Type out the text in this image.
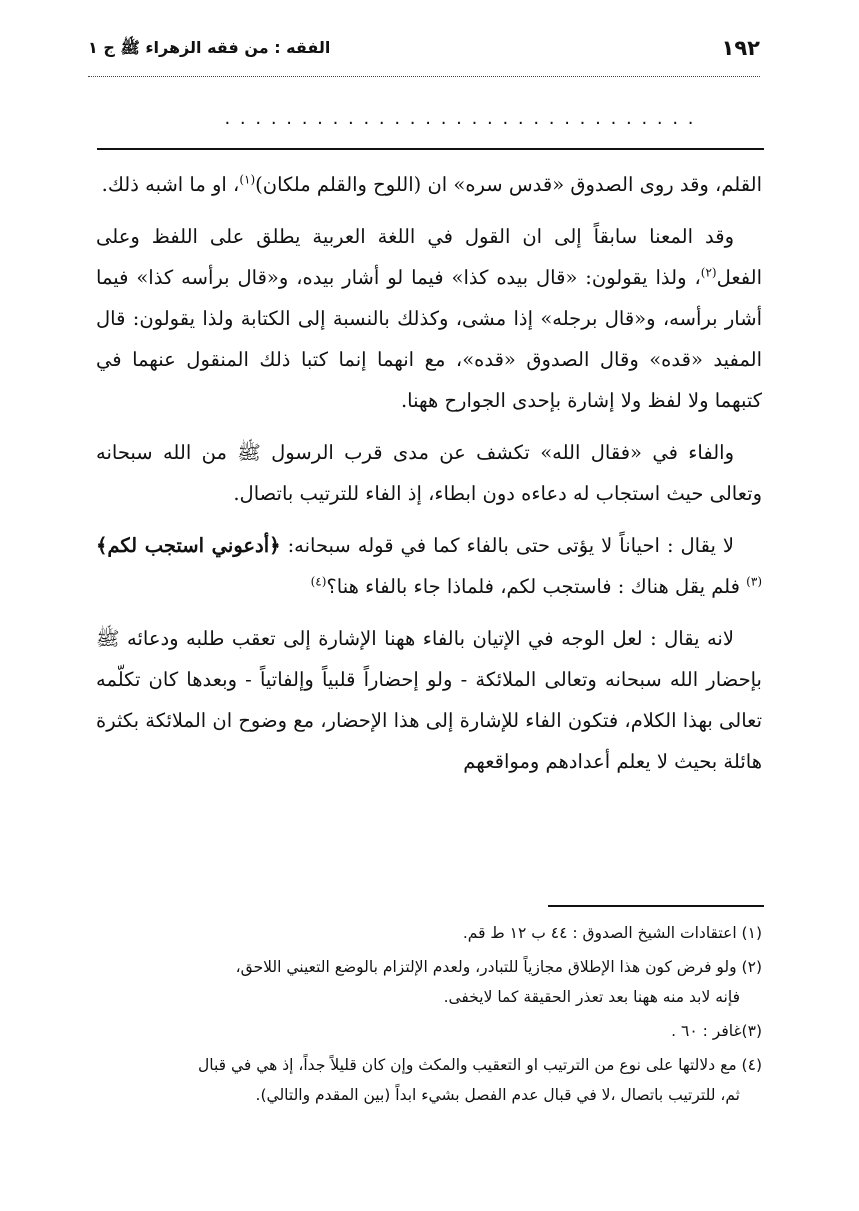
١٩٢
الفقه : من فقه الزهراء ﷺ ج ١
. . . . . . . . . . . . . . . . . . . . . . . . . . . . . . .

القلم، وقد روى الصدوق «قدس سره» ان (اللوح والقلم ملكان)$^{(١)}$، او ما اشبه ذلك.

وقد المعنا سابقاً إلى ان القول في اللغة العربية يطلق على اللفظ وعلى الفعل$^{(٢)}$، ولذا يقولون: «قال بيده كذا» فيما لو أشار بيده، و«قال برأسه كذا» فيما أشار برأسه، و«قال برجله» إذا مشى، وكذلك بالنسبة إلى الكتابة ولذا يقولون: قال المفيد «قده» وقال الصدوق «قده»، مع انهما إنما كتبا ذلك المنقول عنهما في كتبهما ولا لفظ ولا إشارة بإحدى الجوارح ههنا.

والفاء في «فقال الله» تكشف عن مدى قرب الرسول ﷺ من الله سبحانه وتعالى حيث استجاب له دعاءه دون ابطاء، إذ الفاء للترتيب باتصال.

لا يقال : احياناً لا يؤتى حتى بالفاء كما في قوله سبحانه: ﴿أدعوني استجب لكم﴾$^{(٣)}$ فلم يقل هناك : فاستجب لكم، فلماذا جاء بالفاء هنا؟$^{(٤)}$

لانه يقال : لعل الوجه في الإتيان بالفاء ههنا الإشارة إلى تعقب طلبه ودعائه ﷺ بإحضار الله سبحانه وتعالى الملائكة - ولو إحضاراً قلبياً وإلفاتياً - وبعدها كان تكلّمه تعالى بهذا الكلام، فتكون الفاء للإشارة إلى هذا الإحضار، مع وضوح ان الملائكة بكثرة هائلة بحيث لا يعلم أعدادهم ومواقعهم

(١) اعتقادات الشيخ الصدوق : ٤٤ ب ١٢ ط قم.

(٢) ولو فرض كون هذا الإطلاق مجازياً للتبادر، ولعدم الإلتزام بالوضع التعيني اللاحق،
فإنه لابد منه ههنا بعد تعذر الحقيقة كما لايخفى.

(٣)غافر : ٦٠ .

(٤) مع دلالتها على نوع من الترتيب او التعقيب والمكث وإن كان قليلاً جداً، إذ هي في قبال
ثم، للترتيب باتصال ،لا في قبال عدم الفصل بشيء ابداً (بين المقدم والتالي).
